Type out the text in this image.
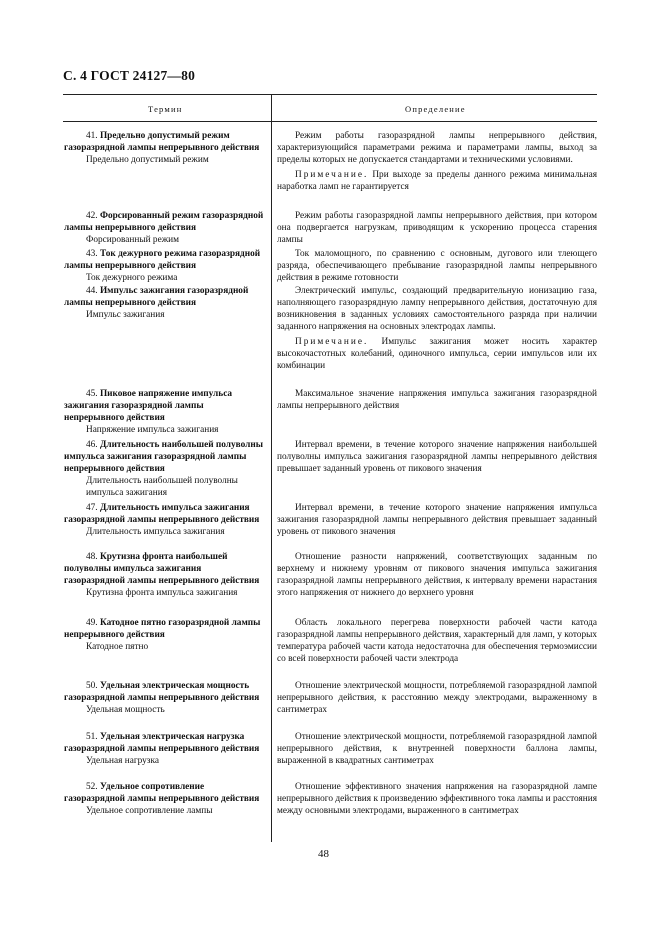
С. 4 ГОСТ 24127—80
Термин	Определение
41. Предельно допустимый режим газоразрядной лампы непрерывного действия
Предельно допустимый режим

Режим работы газоразрядной лампы непрерывного действия, характеризующийся параметрами режима и параметрами лампы, выход за пределы которых не допускается стандартами и техническими условиями.

Примечание. При выходе за пределы данного режима минимальная наработка ламп не гарантируется

42. Форсированный режим газоразрядной лампы непрерывного действия
Форсированный режим

Режим работы газоразрядной лампы непрерывного действия, при котором она подвергается нагрузкам, приводящим к ускорению процесса старения лампы

43. Ток дежурного режима газоразрядной лампы непрерывного действия
Ток дежурного режима

Ток маломощного, по сравнению с основным, дугового или тлеющего разряда, обеспечивающего пребывание газоразрядной лампы непрерывного действия в режиме готовности

44. Импульс зажигания газоразрядной лампы непрерывного действия
Импульс зажигания

Электрический импульс, создающий предварительную ионизацию газа, наполняющего газоразрядную лампу непрерывного действия, достаточную для возникновения в заданных условиях самостоятельного разряда при наличии заданного напряжения на основных электродах лампы.

Примечание. Импульс зажигания может носить характер высокочастотных колебаний, одиночного импульса, серии импульсов или их комбинации

45. Пиковое напряжение импульса зажигания газоразрядной лампы непрерывного действия
Напряжение импульса зажигания

Максимальное значение напряжения импульса зажигания газоразрядной лампы непрерывного действия

46. Длительность наибольшей полуволны импульса зажигания газоразрядной лампы непрерывного действия
Длительность наибольшей полуволны импульса зажигания

Интервал времени, в течение которого значение напряжения наибольшей полуволны импульса зажигания газоразрядной лампы непрерывного действия превышает заданный уровень от пикового значения

47. Длительность импульса зажигания газоразрядной лампы непрерывного действия
Длительность импульса зажигания

Интервал времени, в течение которого значение напряжения импульса зажигания газоразрядной лампы непрерывного действия превышает заданный уровень от пикового значения

48. Крутизна фронта наибольшей полуволны импульса зажигания газоразрядной лампы непрерывного действия
Крутизна фронта импульса зажигания

Отношение разности напряжений, соответствующих заданным по верхнему и нижнему уровням от пикового значения импульса зажигания газоразрядной лампы непрерывного действия, к интервалу времени нарастания этого напряжения от нижнего до верхнего уровня

49. Катодное пятно газоразрядной лампы непрерывного действия
Катодное пятно

Область локального перегрева поверхности рабочей части катода газоразрядной лампы непрерывного действия, характерный для ламп, у которых температура рабочей части катода недостаточна для обеспечения термоэмиссии со всей поверхности рабочей части электрода

50. Удельная электрическая мощность газоразрядной лампы непрерывного действия
Удельная мощность

Отношение электрической мощности, потребляемой газоразрядной лампой непрерывного действия, к расстоянию между электродами, выраженному в сантиметрах

51. Удельная электрическая нагрузка газоразрядной лампы непрерывного действия
Удельная нагрузка

Отношение электрической мощности, потребляемой газоразрядной лампой непрерывного действия, к внутренней поверхности баллона лампы, выраженной в квадратных сантиметрах

52. Удельное сопротивление газоразрядной лампы непрерывного действия
Удельное сопротивление лампы

Отношение эффективного значения напряжения на газоразрядной лампе непрерывного действия к произведению эффективного тока лампы и расстояния между основными электродами, выраженного в сантиметрах

48
